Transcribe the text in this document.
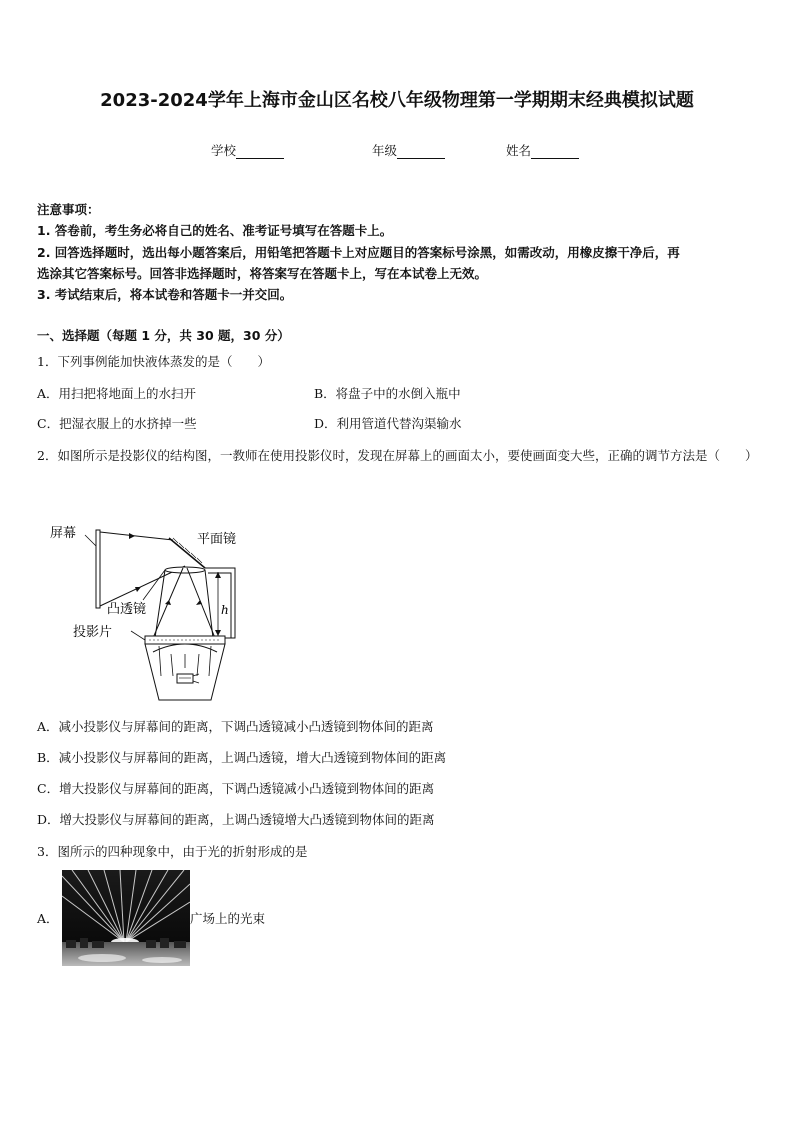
2023-2024学年上海市金山区名校八年级物理第一学期期末经典模拟试题
学校	年级	姓名
注意事项：
1. 答卷前，考生务必将自己的姓名、准考证号填写在答题卡上。
2. 回答选择题时，选出每小题答案后，用铅笔把答题卡上对应题目的答案标号涂黑，如需改动，用橡皮擦干净后，再
选涂其它答案标号。回答非选择题时，将答案写在答题卡上，写在本试卷上无效。
3. 考试结束后，将本试卷和答题卡一并交回。
一、选择题（每题 1 分，共 30 题，30 分）
1．下列事例能加快液体蒸发的是（　　）
A．用扫把将地面上的水扫开	B．将盘子中的水倒入瓶中
C．把湿衣服上的水挤掉一些	D．利用管道代替沟渠输水
2．如图所示是投影仪的结构图，一教师在使用投影仪时，发现在屏幕上的画面太小，要使画面变大些，正确的调节方法是（　　）
屏幕	平面镜
凸透镜
投影片
h
A．减小投影仪与屏幕间的距离，下调凸透镜减小凸透镜到物体间的距离
B．减小投影仪与屏幕间的距离，上调凸透镜，增大凸透镜到物体间的距离
C．增大投影仪与屏幕间的距离，下调凸透镜减小凸透镜到物体间的距离
D．增大投影仪与屏幕间的距离，上调凸透镜增大凸透镜到物体间的距离
3．图所示的四种现象中，由于光的折射形成的是
A．	广场上的光束
